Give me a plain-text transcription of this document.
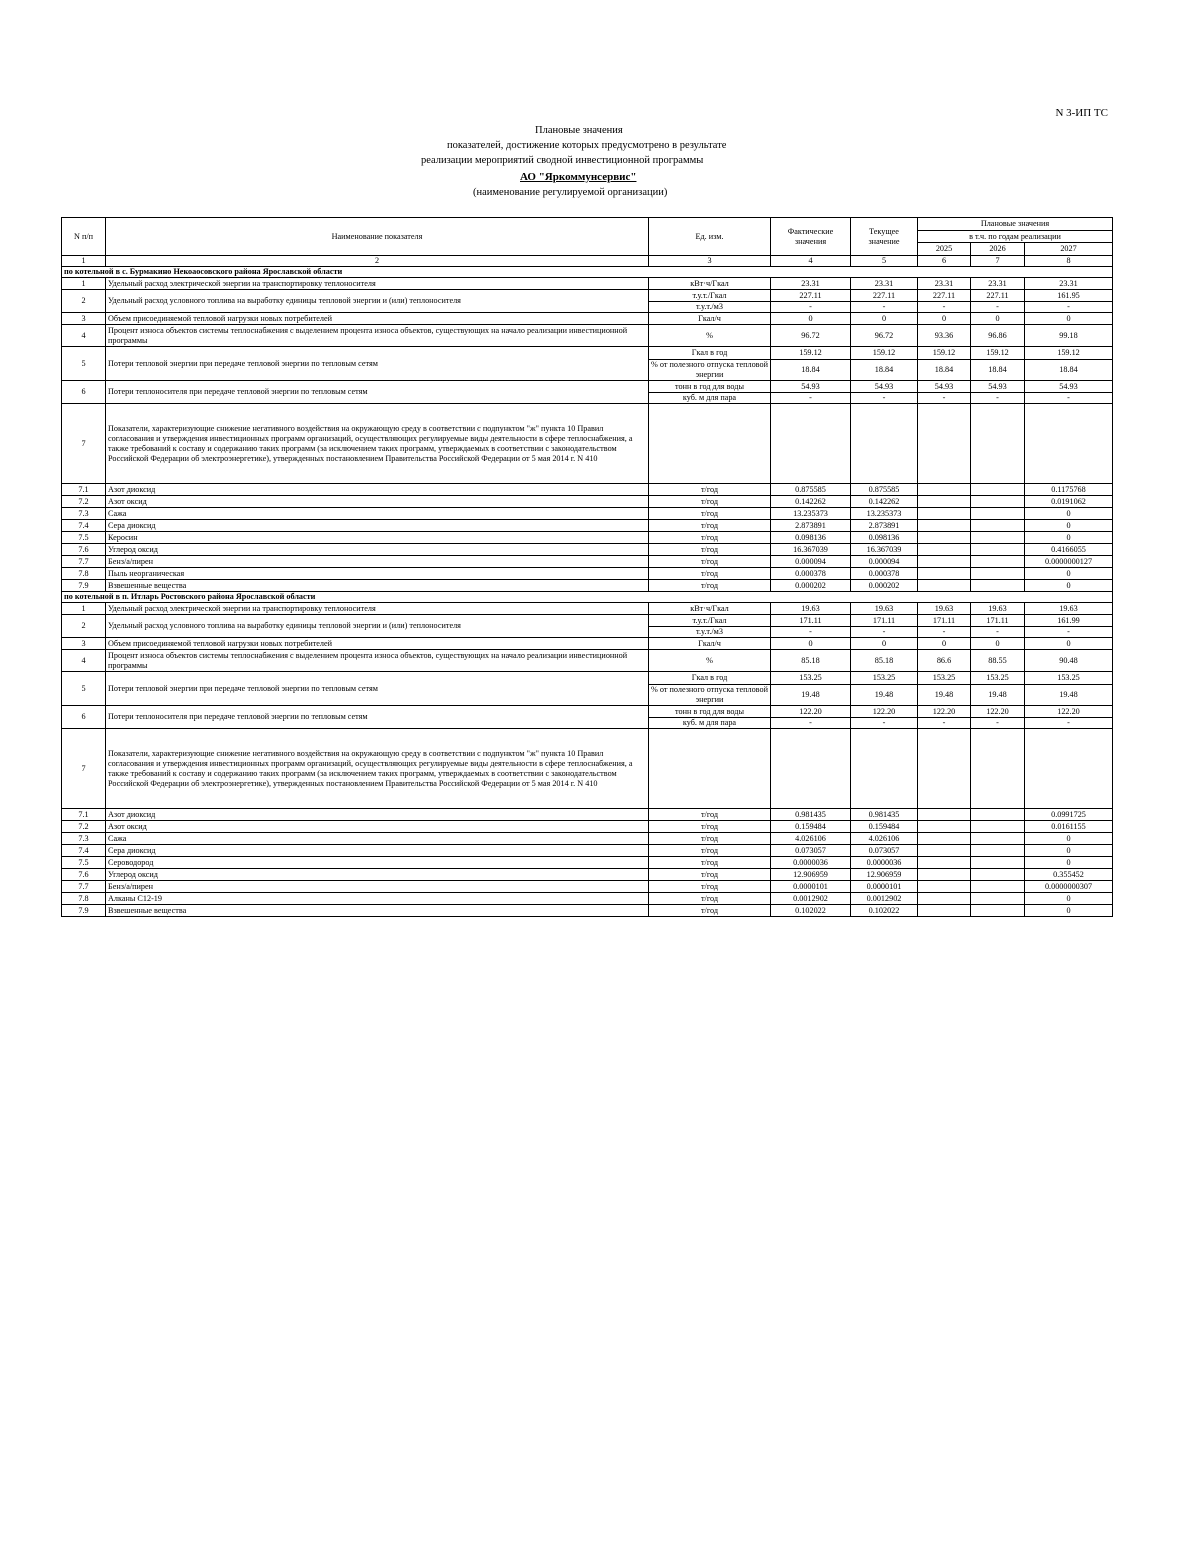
N 3-ИП ТС
Плановые значения
показателей, достижение которых предусмотрено в результате
реализации мероприятий сводной инвестиционной программы
АО "Яркоммунсервис"
(наименование регулируемой организации)
N п/п	Наименование показателя	Ед. изм.	Фактические значения	Текущее значение	Плановые значения		
					в т.ч. по годам реализации		
					2025	2026	2027
1	2	3	4	5	6	7	8
по котельной в с. Бурмакино Некоаосовского района Ярославской области							
1	Удельный расход электрической энергии на транспортировку теплоносителя	кВт·ч/Гкал	23.31	23.31	23.31	23.31	23.31
2	Удельный расход условного топлива на выработку единицы тепловой энергии и (или) теплоносителя	т.у.т./Гкал	227.11	227.11	227.11	227.11	161.95
		т.у.т./м3	-	-	-	-	-
3	Объем присоединяемой тепловой нагрузки новых потребителей	Гкал/ч	0	0	0	0	0
4	Процент износа объектов системы теплоснабжения с выделением процента износа объектов, существующих на начало реализации инвестиционной программы	%	96.72	96.72	93.36	96.86	99.18
5	Потери тепловой энергии при передаче тепловой энергии по тепловым сетям	Гкал в год	159.12	159.12	159.12	159.12	159.12
		% от полезного отпуска тепловой энергии	18.84	18.84	18.84	18.84	18.84
6	Потери теплоносителя при передаче тепловой энергии по тепловым сетям	тонн в год для воды	54.93	54.93	54.93	54.93	54.93
		куб. м для пара	-	-	-	-	-
7	Показатели, характеризующие снижение негативного воздействия на окружающую среду в соответствии с подпунктом "ж" пункта 10 Правил согласования и утверждения инвестиционных программ организаций, осуществляющих регулируемые виды деятельности в сфере теплоснабжения, а также требований к составу и содержанию таких программ (за исключением таких программ, утверждаемых в соответствии с законодательством Российской Федерации об электроэнергетике), утвержденных постановлением Правительства Российской Федерации от 5 мая 2014 г. N 410						
7.1	Азот диоксид	т/год	0.875585	0.875585			0.1175768
7.2	Азот оксид	т/год	0.142262	0.142262			0.0191062
7.3	Сажа	т/год	13.235373	13.235373			0
7.4	Сера диоксид	т/год	2.873891	2.873891			0
7.5	Керосин	т/год	0.098136	0.098136			0
7.6	Углерод оксид	т/год	16.367039	16.367039			0.4166055
7.7	Бенз/а/пирен	т/год	0.000094	0.000094			0.0000000127
7.8	Пыль неорганическая	т/год	0.000378	0.000378			0
7.9	Взвешенные вещества	т/год	0.000202	0.000202			0
по котельной в п. Итларь Ростовского района Ярославской области							
1	Удельный расход электрической энергии на транспортировку теплоносителя	кВт·ч/Гкал	19.63	19.63	19.63	19.63	19.63
2	Удельный расход условного топлива на выработку единицы тепловой энергии и (или) теплоносителя	т.у.т./Гкал	171.11	171.11	171.11	171.11	161.99
		т.у.т./м3	-	-	-	-	-
3	Объем присоединяемой тепловой нагрузки новых потребителей	Гкал/ч	0	0	0	0	0
4	Процент износа объектов системы теплоснабжения с выделением процента износа объектов, существующих на начало реализации инвестиционной программы	%	85.18	85.18	86.6	88.55	90.48
5	Потери тепловой энергии при передаче тепловой энергии по тепловым сетям	Гкал в год	153.25	153.25	153.25	153.25	153.25
		% от полезного отпуска тепловой энергии	19.48	19.48	19.48	19.48	19.48
6	Потери теплоносителя при передаче тепловой энергии по тепловым сетям	тонн в год для воды	122.20	122.20	122.20	122.20	122.20
		куб. м для пара	-	-	-	-	-
7	Показатели, характеризующие снижение негативного воздействия на окружающую среду в соответствии с подпунктом "ж" пункта 10 Правил согласования и утверждения инвестиционных программ организаций, осуществляющих регулируемые виды деятельности в сфере теплоснабжения, а также требований к составу и содержанию таких программ (за исключением таких программ, утверждаемых в соответствии с законодательством Российской Федерации об электроэнергетике), утвержденных постановлением Правительства Российской Федерации от 5 мая 2014 г. N 410						
7.1	Азот диоксид	т/год	0.981435	0.981435			0.0991725
7.2	Азот оксид	т/год	0.159484	0.159484			0.0161155
7.3	Сажа	т/год	4.026106	4.026106			0
7.4	Сера диоксид	т/год	0.073057	0.073057			0
7.5	Сероводород	т/год	0.0000036	0.0000036			0
7.6	Углерод оксид	т/год	12.906959	12.906959			0.355452
7.7	Бенз/а/пирен	т/год	0.0000101	0.0000101			0.0000000307
7.8	Алканы С12-19	т/год	0.0012902	0.0012902			0
7.9	Взвешенные вещества	т/год	0.102022	0.102022			0
